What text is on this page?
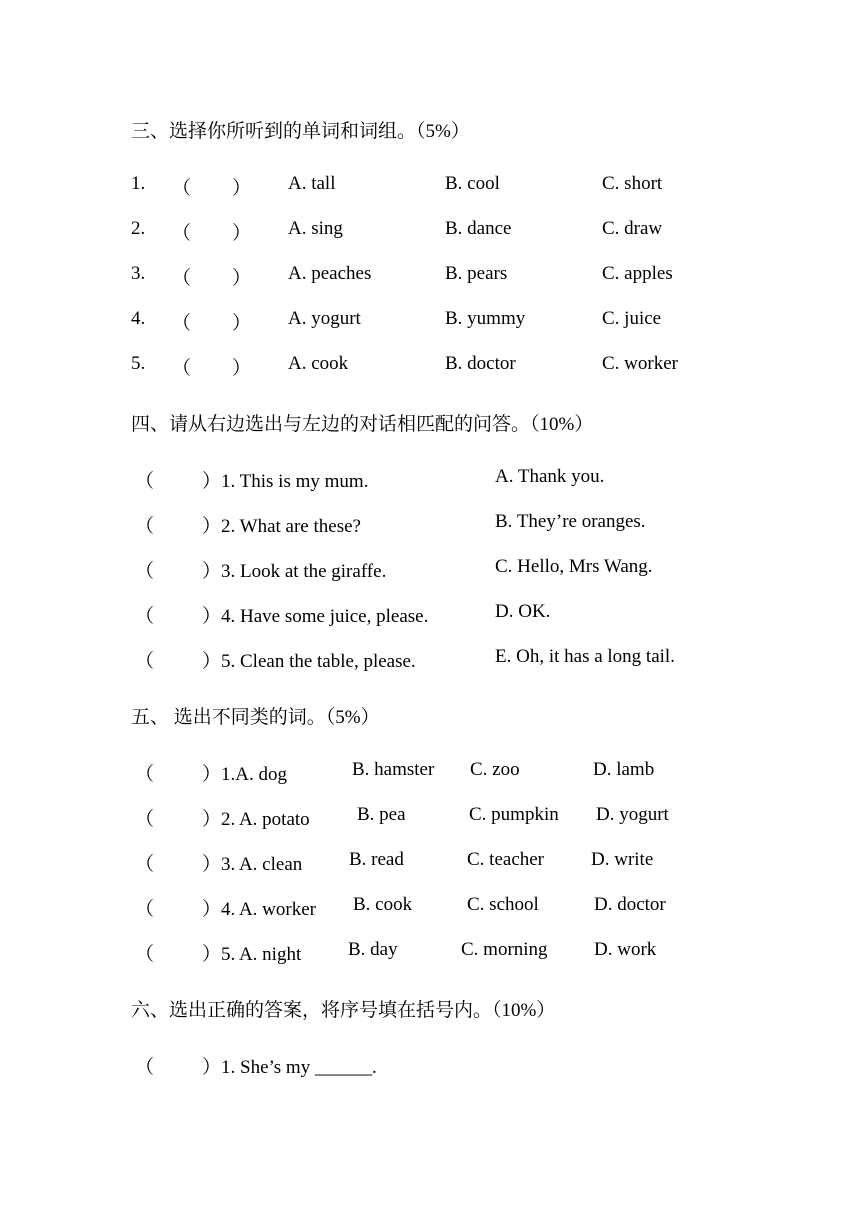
三、选择你所听到的单词和词组。（5%）
1. （ ） A. tall	B. cool	C. short
2. （ ） A. sing	B. dance	C. draw
3. （ ） A. peaches	B. pears	C. apples
4. （ ） A. yogurt	B. yummy	C. juice
5. （ ） A. cook	B. doctor	C. worker
四、请从右边选出与左边的对话相匹配的问答。（10%）
（	）1. This is my mum.	A. Thank you.
（	）2. What are these?	B. They’re oranges.
（	）3. Look at the giraffe.	C. Hello, Mrs Wang.
（	）4. Have some juice, please.	D. OK.
（	）5. Clean the table, please.	E. Oh, it has a long tail.
五、 选出不同类的词。（5%）
（	）1.A. dog	B. hamster C. zoo	D. lamb
（	）2. A. potato B. pea	C. pumpkin D. yogurt
（	）3. A. clean B. read	C. teacher D. write
（	）4. A. worker B. cook	C. school	D. doctor
（	）5. A. night B. day	C. morning D. work
六、选出正确的答案，将序号填在括号内。（10%）
（	）1. She’s my ______.
